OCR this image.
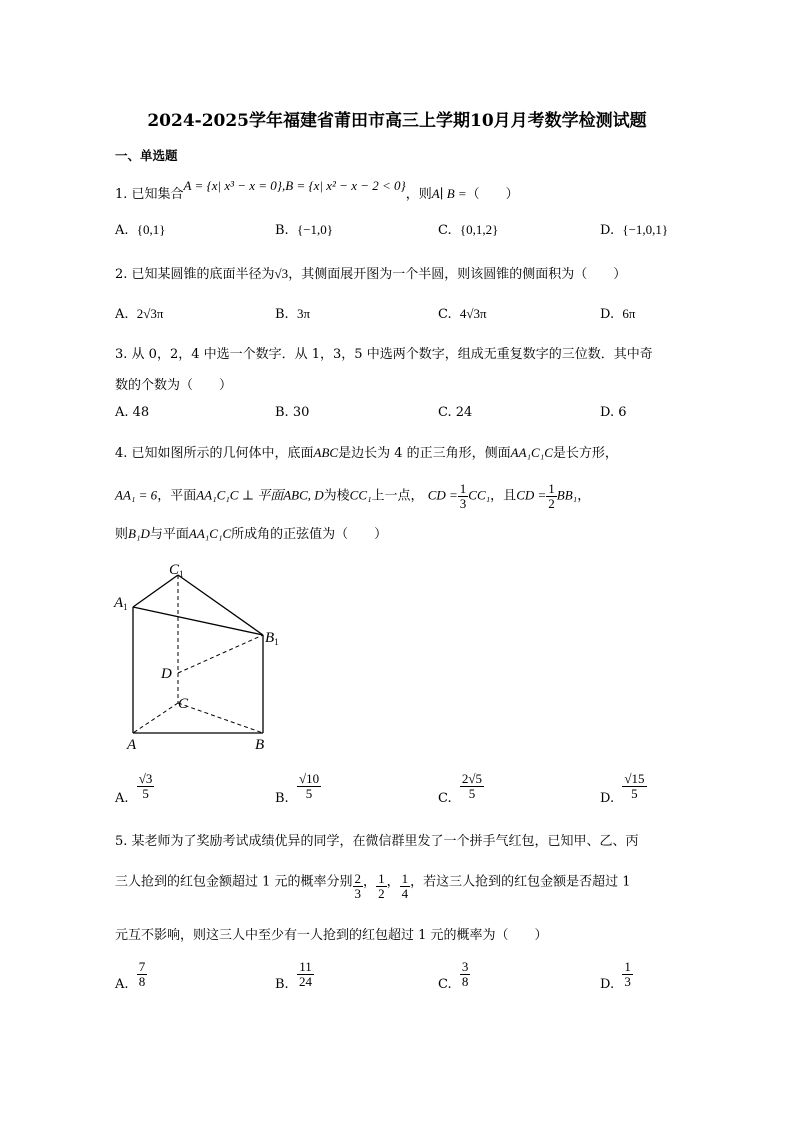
2024-2025学年福建省莆田市高三上学期10月月考数学检测试题
一、单选题
1. 已知集合A = {x| x³ − x = 0},B = {x| x² − x − 2 < 0}，则A∣ B =（　　）
A. {0,1}	B. {−1,0}	C. {0,1,2}	D. {−1,0,1}
2. 已知某圆锥的底面半径为√3，其侧面展开图为一个半圆，则该圆锥的侧面积为（　　）
A. 2√3π	B. 3π	C. 4√3π	D. 6π
3. 从 0，2，4 中选一个数字．从 1，3，5 中选两个数字，组成无重复数字的三位数．其中奇
数的个数为（　　）
A. 48	B. 30	C. 24	D. 6
4. 已知如图所示的几何体中，底面ABC是边长为 4 的正三角形，侧面AA₁C₁C是长方形，
AA₁ = 6，平面AA₁C₁C ⊥ 平面ABC, D为棱CC₁上一点， CD = $\frac{1}{3} CC_1$，且CD = $\frac{1}{2} BB_1$，
则B₁D与平面AA₁C₁C所成角的正弦值为（　　）
$C_1$
$A_1$
$B_1$
D
C
A	B
A. $\frac{√3}{5}$	B. $\frac{√10}{5}$	C. $\frac{2√5}{5}$	D. $\frac{√15}{5}$
5. 某老师为了奖励考试成绩优异的同学，在微信群里发了一个拼手气红包，已知甲、乙、丙
三人抢到的红包金额超过 1 元的概率分别 $\frac{2}{3}$ ， $\frac{1}{2}$ ， $\frac{1}{4}$ ，若这三人抢到的红包金额是否超过 1
元互不影响，则这三人中至少有一人抢到的红包超过 1 元的概率为（　　）
A. $\frac{7}{8}$	B. $\frac{11}{24}$	C. $\frac{3}{8}$	D. $\frac{1}{3}$
